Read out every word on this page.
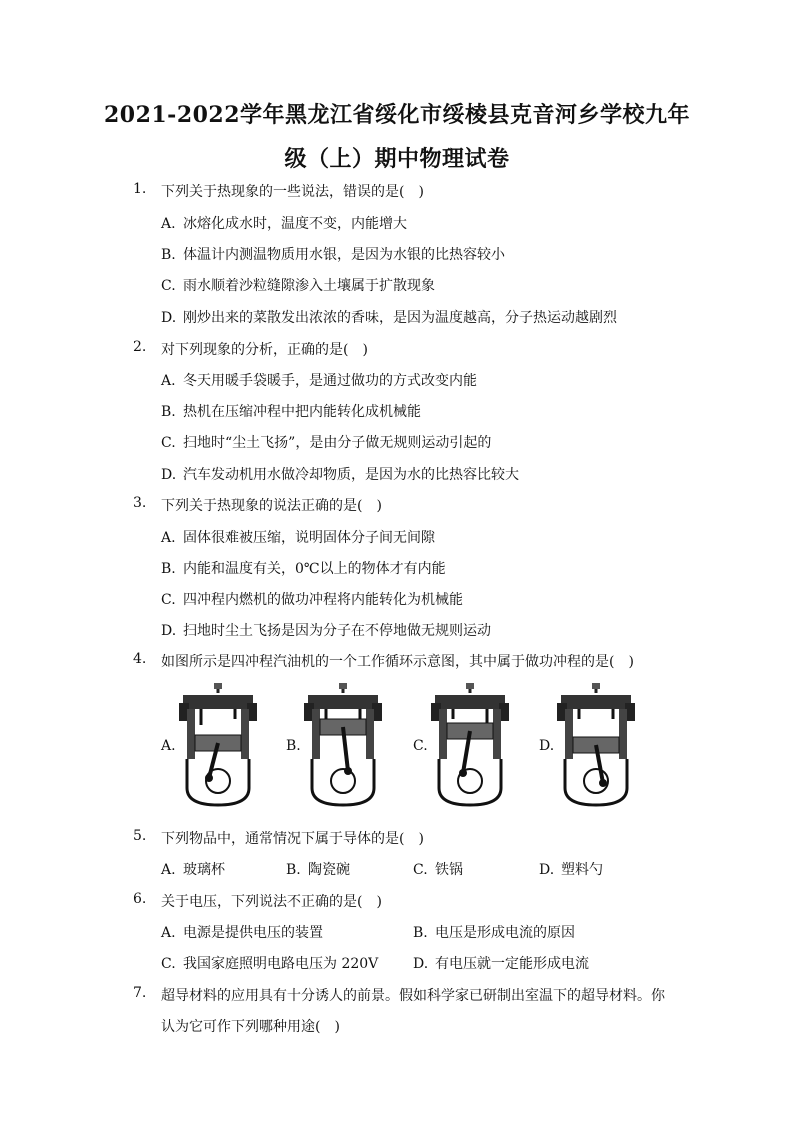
2021-2022学年黑龙江省绥化市绥棱县克音河乡学校九年
级（上）期中物理试卷
1.	下列关于热现象的一些说法，错误的是(　)
A. 冰熔化成水时，温度不变，内能增大
B. 体温计内测温物质用水银，是因为水银的比热容较小
C. 雨水顺着沙粒缝隙渗入土壤属于扩散现象
D. 刚炒出来的菜散发出浓浓的香味，是因为温度越高，分子热运动越剧烈
2.	对下列现象的分析，正确的是(　)
A. 冬天用暖手袋暖手，是通过做功的方式改变内能
B. 热机在压缩冲程中把内能转化成机械能
C. 扫地时“尘土飞扬”，是由分子做无规则运动引起的
D. 汽车发动机用水做冷却物质，是因为水的比热容比较大
3.	下列关于热现象的说法正确的是(　)
A. 固体很难被压缩，说明固体分子间无间隙
B. 内能和温度有关，0℃以上的物体才有内能
C. 四冲程内燃机的做功冲程将内能转化为机械能
D. 扫地时尘土飞扬是因为分子在不停地做无规则运动
4.	如图所示是四冲程汽油机的一个工作循环示意图，其中属于做功冲程的是(　)
A.	B.	C.	D.
5.	下列物品中，通常情况下属于导体的是(　)
A. 玻璃杯	B. 陶瓷碗	C. 铁锅	D. 塑料勺
6.	关于电压，下列说法不正确的是(　)
A. 电源是提供电压的装置	B. 电压是形成电流的原因
C. 我国家庭照明电路电压为 220V D. 有电压就一定能形成电流
7.	超导材料的应用具有十分诱人的前景。假如科学家已研制出室温下的超导材料。你
认为它可作下列哪种用途(　)
